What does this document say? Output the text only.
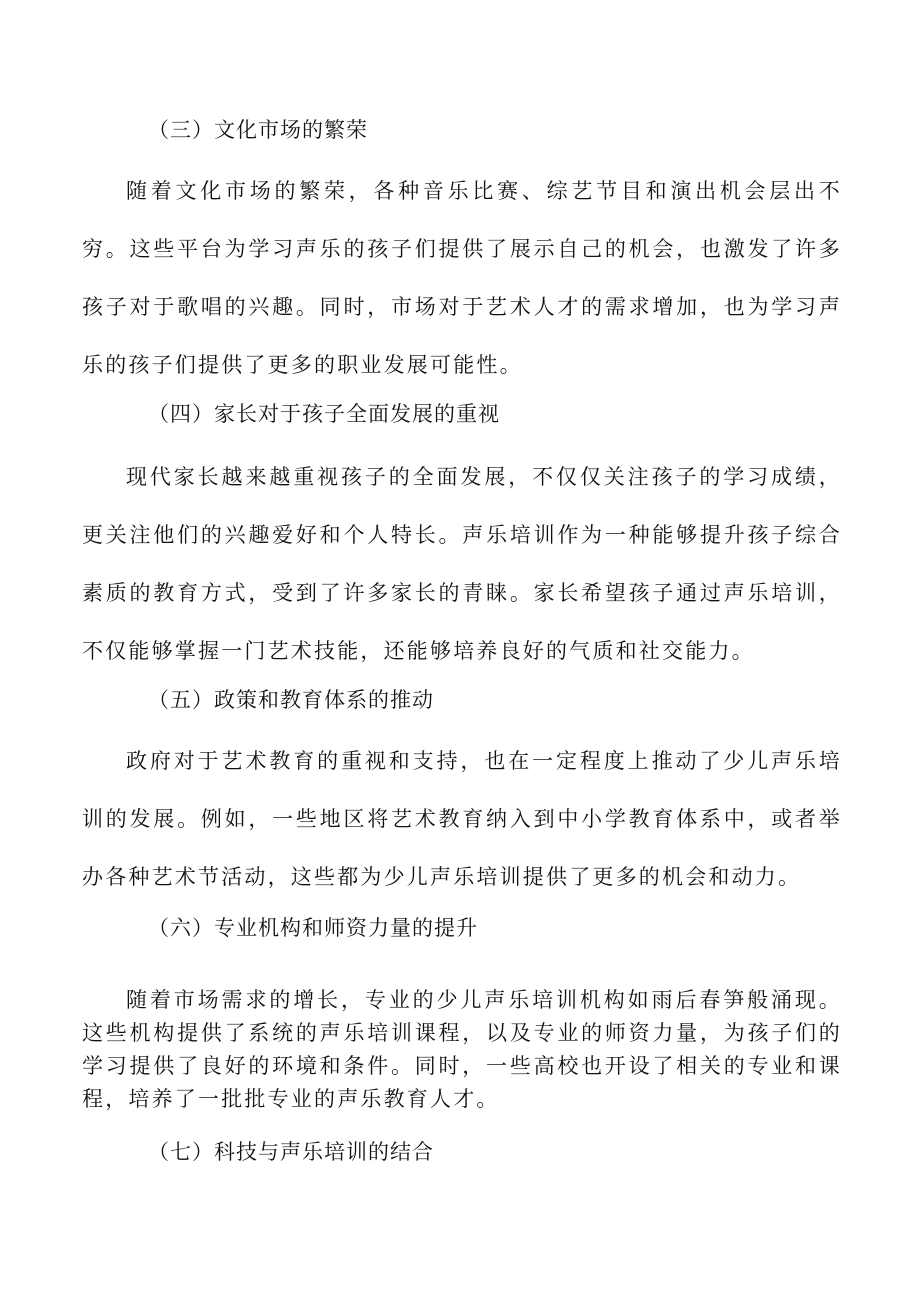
（三）文化市场的繁荣
随着文化市场的繁荣，各种音乐比赛、综艺节目和演出机会层出不穷。这些平台为学习声乐的孩子们提供了展示自己的机会，也激发了许多孩子对于歌唱的兴趣。同时，市场对于艺术人才的需求增加，也为学习声乐的孩子们提供了更多的职业发展可能性。
（四）家长对于孩子全面发展的重视
现代家长越来越重视孩子的全面发展，不仅仅关注孩子的学习成绩，更关注他们的兴趣爱好和个人特长。声乐培训作为一种能够提升孩子综合素质的教育方式，受到了许多家长的青睐。家长希望孩子通过声乐培训，不仅能够掌握一门艺术技能，还能够培养良好的气质和社交能力。
（五）政策和教育体系的推动
政府对于艺术教育的重视和支持，也在一定程度上推动了少儿声乐培训的发展。例如，一些地区将艺术教育纳入到中小学教育体系中，或者举办各种艺术节活动，这些都为少儿声乐培训提供了更多的机会和动力。
（六）专业机构和师资力量的提升
随着市场需求的增长，专业的少儿声乐培训机构如雨后春笋般涌现。这些机构提供了系统的声乐培训课程，以及专业的师资力量，为孩子们的学习提供了良好的环境和条件。同时，一些高校也开设了相关的专业和课程，培养了一批批专业的声乐教育人才。
（七）科技与声乐培训的结合
